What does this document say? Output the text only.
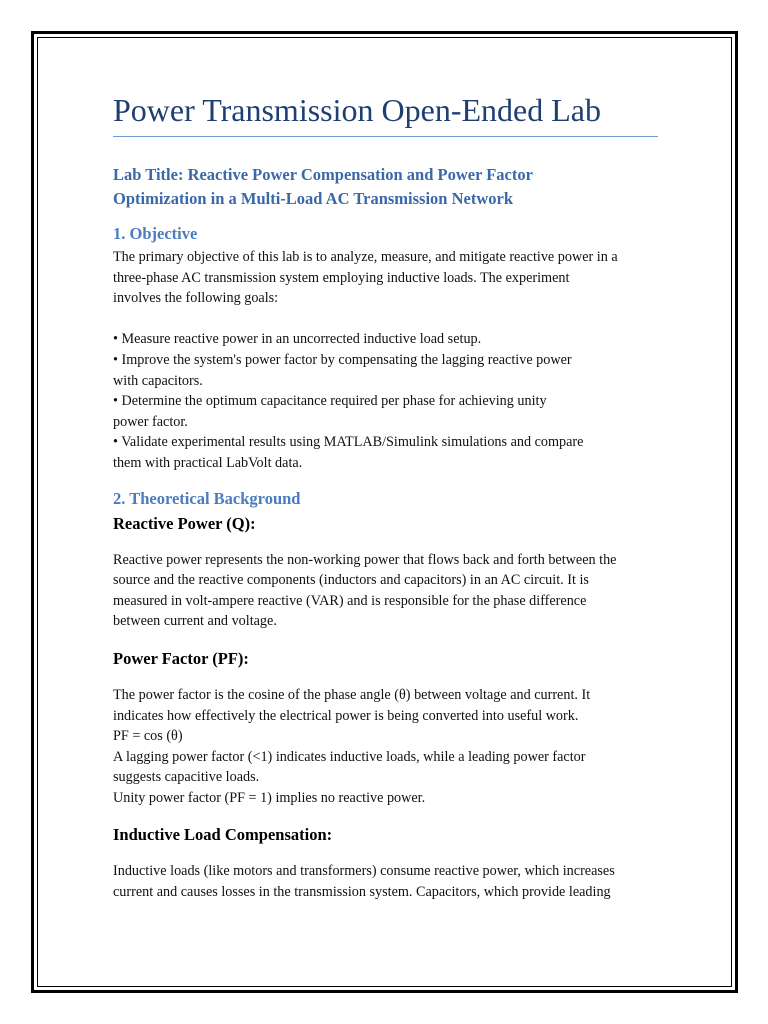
Power Transmission Open-Ended Lab
Lab Title: Reactive Power Compensation and Power Factor
Optimization in a Multi-Load AC Transmission Network
1. Objective

The primary objective of this lab is to analyze, measure, and mitigate reactive power in a

three-phase AC transmission system employing inductive loads. The experiment

involves the following goals:

• Measure reactive power in an uncorrected inductive load setup.

• Improve the system's power factor by compensating the lagging reactive power

with capacitors.

• Determine the optimum capacitance required per phase for achieving unity

power factor.

• Validate experimental results using MATLAB/Simulink simulations and compare

them with practical LabVolt data.

2. Theoretical Background
Reactive Power (Q):

Reactive power represents the non-working power that flows back and forth between the

source and the reactive components (inductors and capacitors) in an AC circuit. It is

measured in volt-ampere reactive (VAR) and is responsible for the phase difference

between current and voltage.

Power Factor (PF):

The power factor is the cosine of the phase angle (θ) between voltage and current. It

indicates how effectively the electrical power is being converted into useful work.

PF = cos (θ)

A lagging power factor (<1) indicates inductive loads, while a leading power factor

suggests capacitive loads.

Unity power factor (PF = 1) implies no reactive power.

Inductive Load Compensation:

Inductive loads (like motors and transformers) consume reactive power, which increases

current and causes losses in the transmission system. Capacitors, which provide leading
